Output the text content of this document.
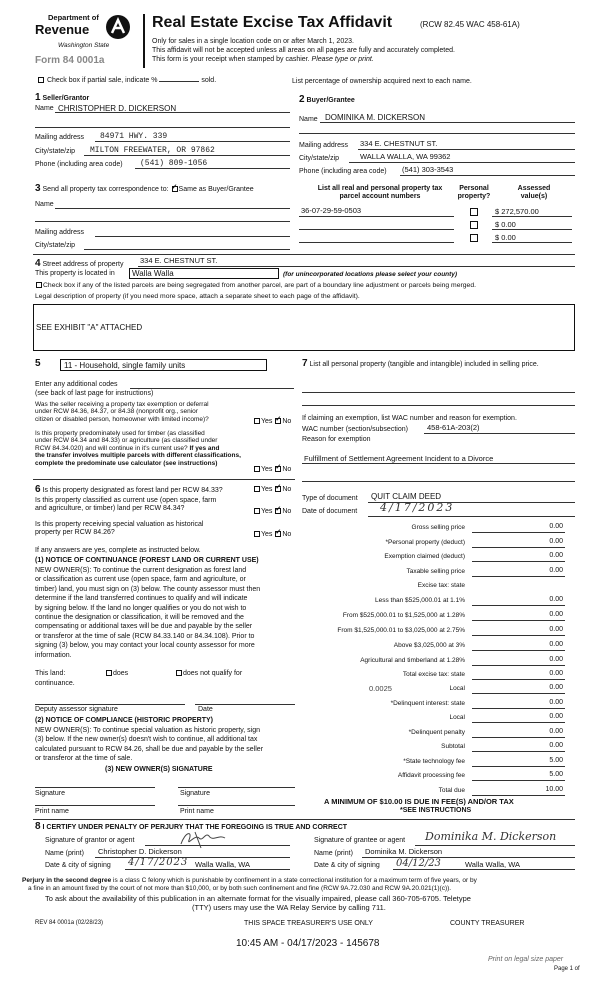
Department of
Revenue
Washington State
Form 84 0001a
Real Estate Excise Tax Affidavit	(RCW 82.45 WAC 458-61A)
Only for sales in a single location code on or after March 1, 2023.
This affidavit will not be accepted unless all areas on all pages are fully and accurately completed.
This form is your receipt when stamped by cashier. Please type or print.
Check box if partial sale, indicate %	sold.	List percentage of ownership acquired next to each name.
1 Seller/Grantor
Name CHRISTOPHER D. DICKERSON
Mailing address 84971 HWY. 339
City/state/zip MILTON FREEWATER, OR 97862
Phone (including area code) (541) 809-1056
2 Buyer/Grantee
Name DOMINIKA M. DICKERSON
Mailing address 334 E. CHESTNUT ST.
City/state/zip	WALLA WALLA, WA 99362
Phone (including area code) (541) 303-3543
3 Send all property tax correspondence to: ✓ Same as Buyer/Grantee
Name
Mailing address
City/state/zip
List all real and personal property tax
parcel account numbers
Personal
property?
Assessed
value(s)
36-07-29-59-0503	$ 272,570.00
$ 0.00
$ 0.00
4 Street address of property 334 E. CHESTNUT ST.
This property is located in	Walla Walla	(for unincorporated locations please select your county)
Check box if any of the listed parcels are being segregated from another parcel, are part of a boundary line adjustment or parcels being merged.
Legal description of property (if you need more space, attach a separate sheet to each page of the affidavit).
SEE EXHIBIT "A" ATTACHED
5	11 - Household, single family units
Enter any additional codes
(see back of last page for instructions)
Was the seller receiving a property tax exemption or deferral
under RCW 84.36, 84.37, or 84.38 (nonprofit org., senior
citizen or disabled person, homeowner with limited income)?	Yes ✓ No
Is this property predominately used for timber (as classified
under RCW 84.34 and 84.33) or agriculture (as classified under
RCW 84.34.020) and will continue in it's current use? If yes and
the transfer involves multiple parcels with different classifications,
complete the predominate use calculator (see instructions)
Yes ✓ No
6 Is this property designated as forest land per RCW 84.33?	Yes ✓ No
Is this property classified as current use (open space, farm
and agriculture, or timber) land per RCW 84.34?	Yes ✓ No
Is this property receiving special valuation as historical
property per RCW 84.26?	Yes ✓ No
If any answers are yes, complete as instructed below.
(1) NOTICE OF CONTINUANCE (FOREST LAND OR CURRENT USE)
NEW OWNER(S): To continue the current designation as forest land
or classification as current use (open space, farm and agriculture, or
timber) land, you must sign on (3) below. The county assessor must then
determine if the land transferred continues to qualify and will indicate
by signing below. If the land no longer qualifies or you do not wish to
continue the designation or classification, it will be removed and the
compensating or additional taxes will be due and payable by the seller
or transferor at the time of sale (RCW 84.33.140 or 84.34.108). Prior to
signing (3) below, you may contact your local county assessor for more
information.
This land:	does	does not qualify for
continuance.
Deputy assessor signature	Date
(2) NOTICE OF COMPLIANCE (HISTORIC PROPERTY)
NEW OWNER(S): To continue special valuation as historic property, sign
(3) below. If the new owner(s) doesn't wish to continue, all additional tax
calculated pursuant to RCW 84.26, shall be due and payable by the seller
or transferor at the time of sale.
(3) NEW OWNER(S) SIGNATURE
Signature	Signature
Print name	Print name
7 List all personal property (tangible and intangible) included in selling price.
If claiming an exemption, list WAC number and reason for exemption.
WAC number (section/subsection)	458-61A-203(2)
Reason for exemption
Fulfillment of Settlement Agreement Incident to a Divorce
Type of document QUIT CLAIM DEED
Date of document 4/17/2023
Gross selling price	0.00
*Personal property (deduct)	0.00
Exemption claimed (deduct)	0.00
Taxable selling price	0.00
Excise tax: state
Less than $525,000.01 at 1.1%	0.00
From $525,000.01 to $1,525,000 at 1.28%	0.00
From $1,525,000.01 to $3,025,000 at 2.75%	0.00
Above $3,025,000 at 3%	0.00
Agricultural and timberland at 1.28%	0.00
Total excise tax: state	0.00
0.0025	Local	0.00
*Delinquent interest: state	0.00
Local	0.00
*Delinquent penalty	0.00
Subtotal	0.00
*State technology fee	5.00
Affidavit processing fee	5.00
Total due	10.00
A MINIMUM OF $10.00 IS DUE IN FEE(S) AND/OR TAX
*SEE INSTRUCTIONS
8 I CERTIFY UNDER PENALTY OF PERJURY THAT THE FOREGOING IS TRUE AND CORRECT
Signature of grantor or agent
Name (print) Christopher D. Dickerson
Date & city of signing 4/17/2023 Walla Walla, WA
Signature of grantee or agent Dominika M. Dickerson
Name (print) Dominika M. Dickerson
Date & city of signing 04/12/23	Walla Walla, WA
Perjury in the second degree is a class C felony which is punishable by confinement in a state correctional institution for a maximum term of five years, or by
a fine in an amount fixed by the court of not more than $10,000, or by both such confinement and fine (RCW 9A.72.030 and RCW 9A.20.021(1)(c)).
To ask about the availability of this publication in an alternate format for the visually impaired, please call 360-705-6705. Teletype
(TTY) users may use the WA Relay Service by calling 711.
REV 84 0001a (02/28/23)	THIS SPACE TREASURER'S USE ONLY	COUNTY TREASURER
10:45 AM - 04/17/2023 - 145678
Print on legal size paper
Page 1 of
